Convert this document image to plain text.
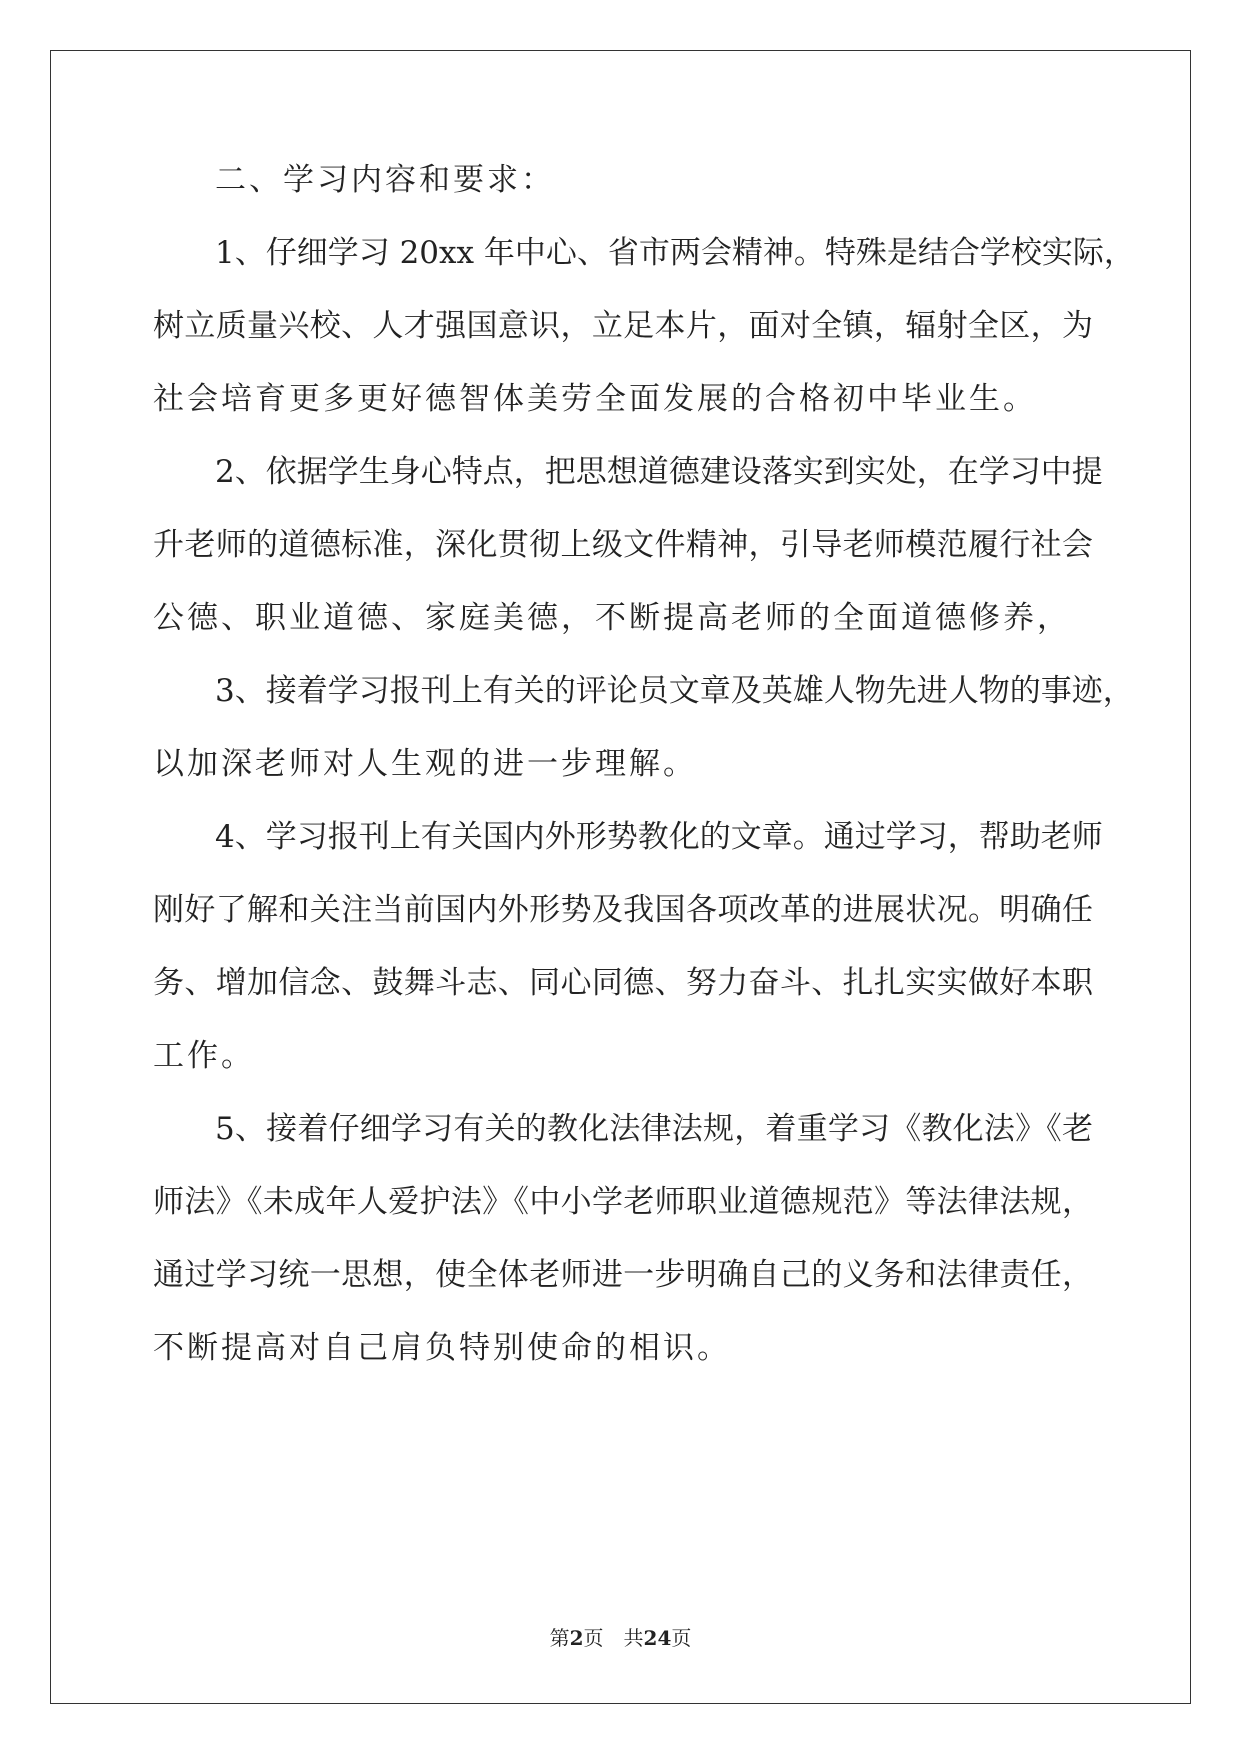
二、学习内容和要求：
1、仔细学习 20xx 年中心、省市两会精神。特殊是结合学校实际，
树立质量兴校、人才强国意识，立足本片，面对全镇，辐射全区，为
社会培育更多更好德智体美劳全面发展的合格初中毕业生。
2、依据学生身心特点，把思想道德建设落实到实处，在学习中提
升老师的道德标准，深化贯彻上级文件精神，引导老师模范履行社会
公德、职业道德、家庭美德，不断提高老师的全面道德修养，
3、接着学习报刊上有关的评论员文章及英雄人物先进人物的事迹，
以加深老师对人生观的进一步理解。
4、学习报刊上有关国内外形势教化的文章。通过学习，帮助老师
刚好了解和关注当前国内外形势及我国各项改革的进展状况。明确任
务、增加信念、鼓舞斗志、同心同德、努力奋斗、扎扎实实做好本职
工作。
5、接着仔细学习有关的教化法律法规，着重学习《教化法》《老
师法》《未成年人爱护法》《中小学老师职业道德规范》等法律法规，
通过学习统一思想，使全体老师进一步明确自己的义务和法律责任，
不断提高对自己肩负特别使命的相识。
第2页　共24页
